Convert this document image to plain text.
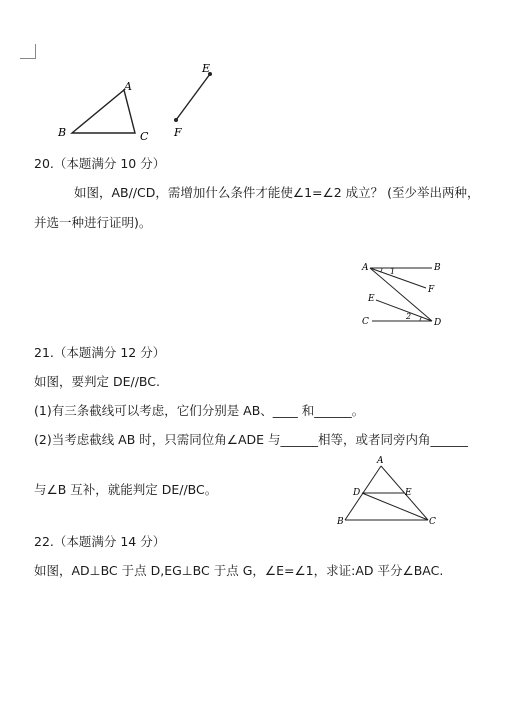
A
B	C
E
F
20.（本题满分 10 分）
如图，AB//CD，需增加什么条件才能使∠1=∠2 成立？ (至少举出两种，
并选一种进行证明)。
A	B
C	D
E
F
1
2
21.（本题满分 12 分）
如图，要判定 DE//BC.
(1)有三条截线可以考虑，它们分别是 AB、____ 和______。
(2)当考虑截线 AB 时，只需同位角∠ADE 与______相等，或者同旁内角______
与∠B 互补，就能判定 DE//BC。
A
B	C
D	E
22.（本题满分 14 分）
如图，AD⊥BC 于点 D,EG⊥BC 于点 G，∠E=∠1，求证:AD 平分∠BAC.
